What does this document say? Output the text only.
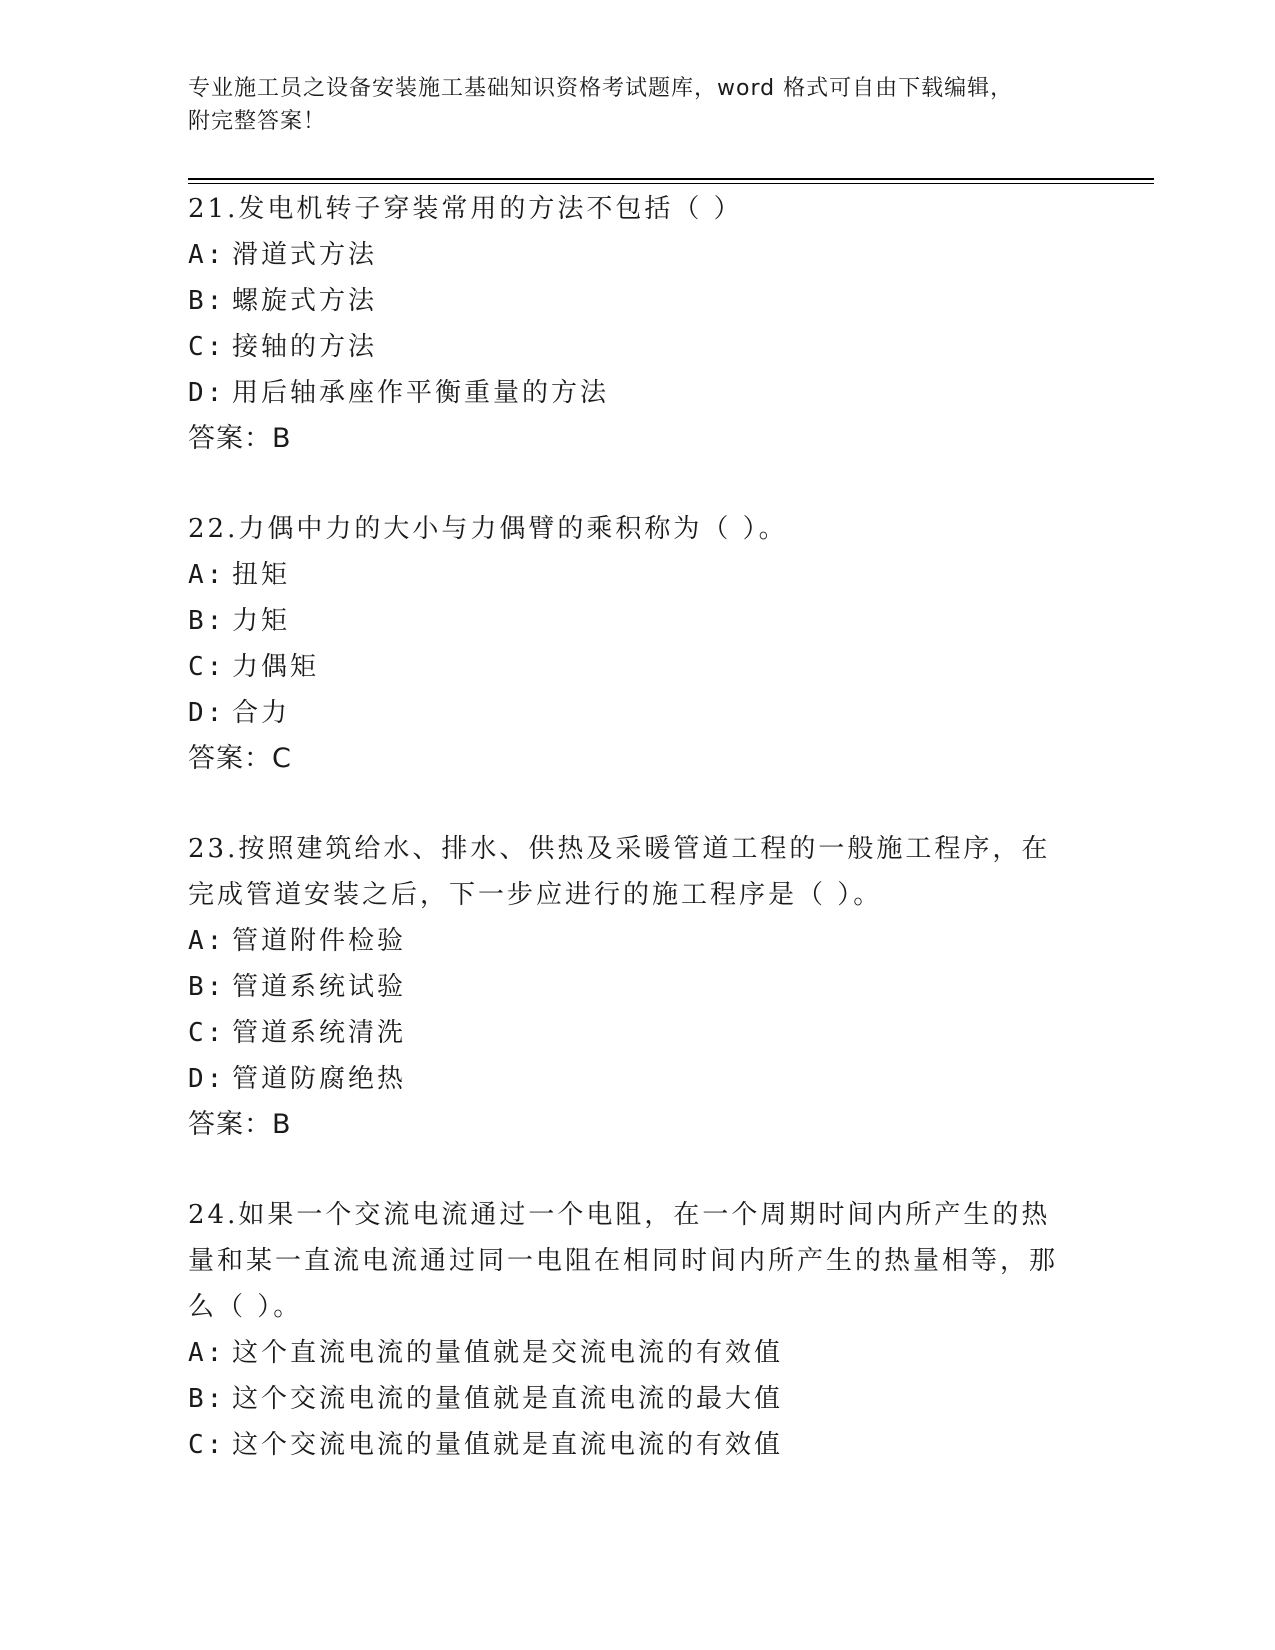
专业施工员之设备安装施工基础知识资格考试题库，word 格式可自由下载编辑，
附完整答案！
21.发电机转子穿装常用的方法不包括（ ）
A: 滑道式方法
B: 螺旋式方法
C: 接轴的方法
D: 用后轴承座作平衡重量的方法
答案：B
22.力偶中力的大小与力偶臂的乘积称为（ ）。
A: 扭矩
B: 力矩
C: 力偶矩
D: 合力
答案：C
23.按照建筑给水、排水、供热及采暖管道工程的一般施工程序，在完成管道安装之后，下一步应进行的施工程序是（ ）。
A: 管道附件检验
B: 管道系统试验
C: 管道系统清洗
D: 管道防腐绝热
答案：B
24.如果一个交流电流通过一个电阻，在一个周期时间内所产生的热量和某一直流电流通过同一电阻在相同时间内所产生的热量相等，那么（ ）。
A: 这个直流电流的量值就是交流电流的有效值
B: 这个交流电流的量值就是直流电流的最大值
C: 这个交流电流的量值就是直流电流的有效值
